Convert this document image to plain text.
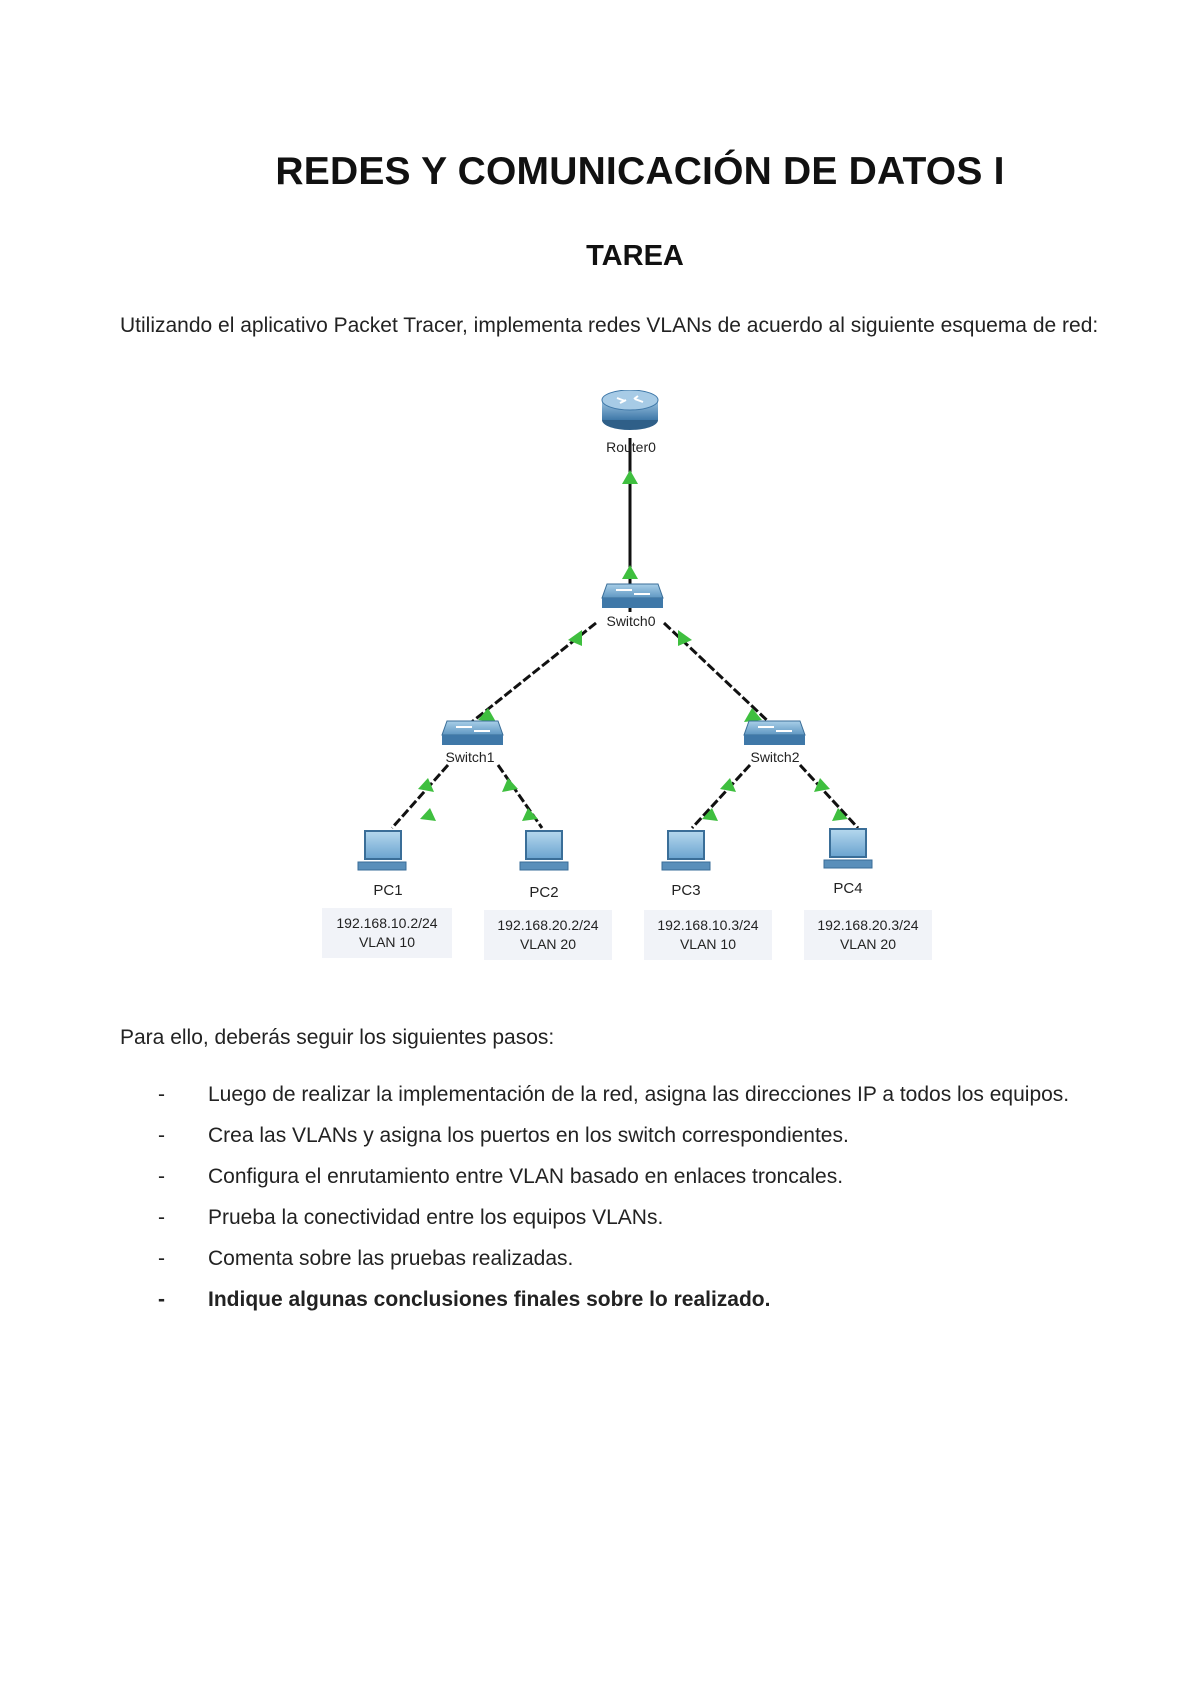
REDES Y COMUNICACIÓN DE DATOS I
TAREA
Utilizando el aplicativo Packet Tracer, implementa redes VLANs de acuerdo al siguiente esquema de red:
Router0
Switch0
Switch1	Switch2
PC1
192.168.10.2/24
VLAN 10
PC2
192.168.20.2/24
VLAN 20
PC3
192.168.10.3/24
VLAN 10
PC4
192.168.20.3/24
VLAN 20
Para ello, deberás seguir los siguientes pasos:
- Luego de realizar la implementación de la red, asigna las direcciones IP a todos los equipos.
- Crea las VLANs y asigna los puertos en los switch correspondientes.
- Configura el enrutamiento entre VLAN basado en enlaces troncales.
- Prueba la conectividad entre los equipos VLANs.
- Comenta sobre las pruebas realizadas.
- Indique algunas conclusiones finales sobre lo realizado.
